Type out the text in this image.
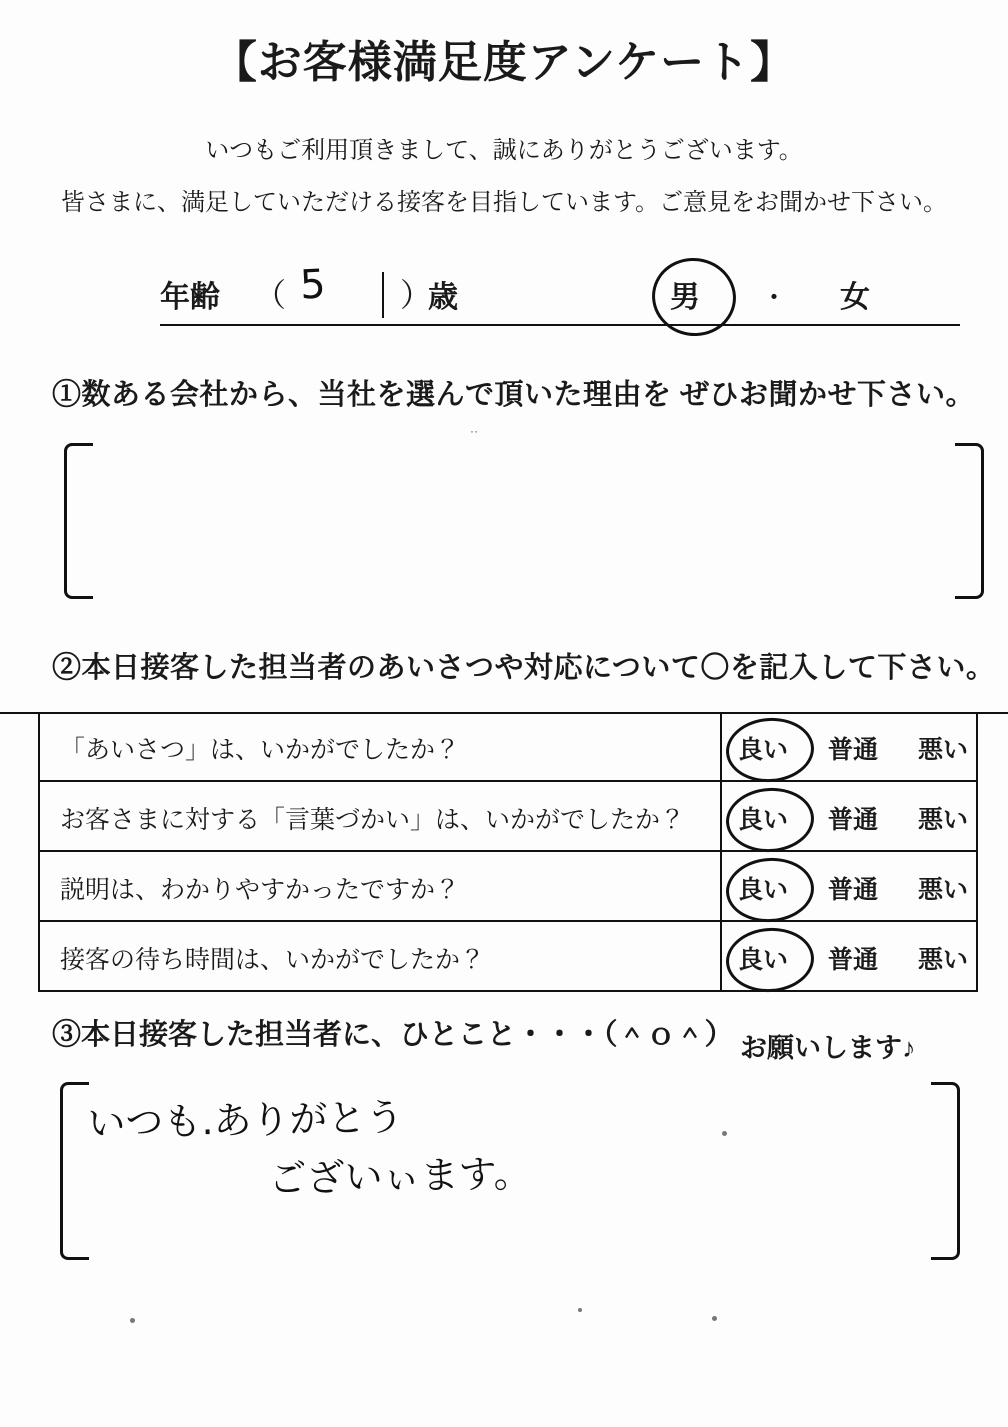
【お客様満足度アンケート】
いつもご利用頂きまして、誠にありがとうございます。
皆さまに、満足していただける接客を目指しています。ご意見をお聞かせ下さい。
年齢 （ 5 ）
歳	男 ・ 女
①数ある会社から、当社を選んで頂いた理由を ぜひお聞かせ下さい。
··
②本日接客した担当者のあいさつや対応について〇を記入して下さい。
「あいさつ」は、いかがでしたか？	良い 普通 悪い
お客さまに対する「言葉づかい」は、いかがでしたか？ 良い 普通 悪い
説明は、わかりやすかったですか？	良い 普通 悪い
接客の待ち時間は、いかがでしたか？	良い 普通 悪い
③本日接客した担当者に、ひとこと・・・（＾ｏ＾） お願いします♪
いつも.ありがとう
ございぃます。
